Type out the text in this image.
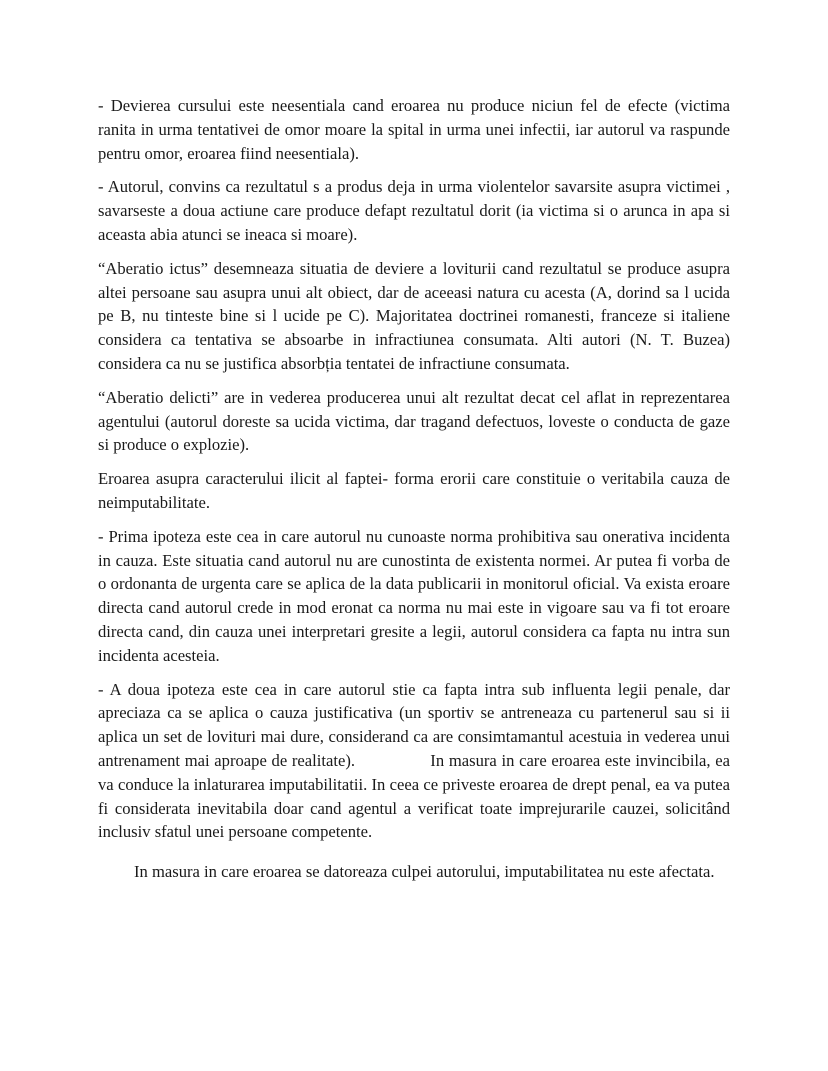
- Devierea cursului este neesentiala cand eroarea nu produce niciun fel de efecte (victima ranita in urma tentativei de omor moare la spital in urma unei infectii, iar autorul va raspunde pentru omor, eroarea fiind neesentiala).

- Autorul, convins ca rezultatul s a produs deja in urma violentelor savarsite asupra victimei , savarseste a doua actiune care produce defapt rezultatul dorit (ia victima si o arunca in apa si aceasta abia atunci se ineaca si moare).

“Aberatio ictus” desemneaza situatia de deviere a loviturii cand rezultatul se produce asupra altei persoane sau asupra unui alt obiect, dar de aceeasi natura cu acesta (A, dorind sa l ucida pe B, nu tinteste bine si l ucide pe C). Majoritatea doctrinei romanesti, franceze si italiene considera ca tentativa se absoarbe in infractiunea consumata. Alti autori (N. T. Buzea) considera ca nu se justifica absorbția tentatei de infractiune consumata.

“Aberatio delicti” are in vederea producerea unui alt rezultat decat cel aflat in reprezentarea agentului (autorul doreste sa ucida victima, dar tragand defectuos, loveste o conducta de gaze si produce o explozie).

Eroarea asupra caracterului ilicit al faptei- forma erorii care constituie o veritabila cauza de neimputabilitate.

- Prima ipoteza este cea in care autorul nu cunoaste norma prohibitiva sau onerativa incidenta in cauza. Este situatia cand autorul nu are cunostinta de existenta normei. Ar putea fi vorba de o ordonanta de urgenta care se aplica de la data publicarii in monitorul oficial. Va exista eroare directa cand autorul crede in mod eronat ca norma nu mai este in vigoare sau va fi tot eroare directa cand, din cauza unei interpretari gresite a legii, autorul considera ca fapta nu intra sun incidenta acesteia.

- A doua ipoteza este cea in care autorul stie ca fapta intra sub influenta legii penale, dar apreciaza ca se aplica o cauza justificativa (un sportiv se antreneaza cu partenerul sau si ii aplica un set de lovituri mai dure, considerand ca are consimtamantul acestuia in vederea unui antrenament mai aproape de realitate).                In masura in care eroarea este invincibila, ea va conduce la inlaturarea imputabilitatii. In ceea ce priveste eroarea de drept penal, ea va putea fi considerata inevitabila doar cand agentul a verificat toate imprejurarile cauzei, solicitând inclusiv sfatul unei persoane competente.

In masura in care eroarea se datoreaza culpei autorului, imputabilitatea nu este afectata.
